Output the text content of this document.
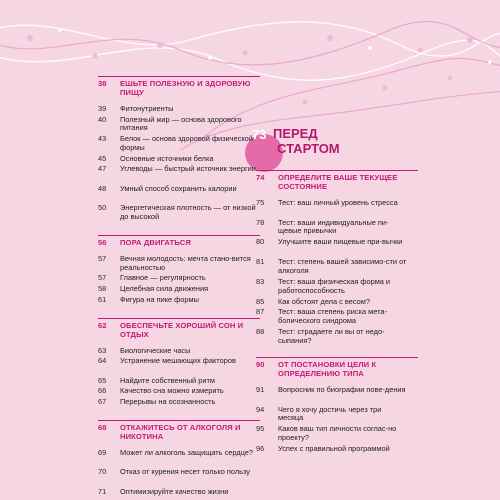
73 ПЕРЕД
СТАРТОМ
38	ЕШЬТЕ ПОЛЕЗНУЮ И ЗДОРОВУЮ ПИЩУ
39	Фитонутриенты
40	Полезный жир — основа здорового питания
43	Белок — основа здоровой физической формы
45	Основные источники белка
47	Углеводы — быстрый источник энергии
48	Умный способ сохранить калории
50	Энергетическая плотность — от низкой до высокой
56	ПОРА ДВИГАТЬСЯ
57	Вечная молодость: мечта стано-вится реальностью
57	Главное — регулярность
58	Целебная сила движения
61	Фигура на пике формы
62	ОБЕСПЕЧЬТЕ ХОРОШИЙ СОН И ОТДЫХ
63	Биологические часы
64	Устранение мешающих факторов
65	Найдите собственный ритм
66	Качество сна можно измерить
67	Перерывы на осознанность
68	ОТКАЖИТЕСЬ ОТ АЛКОГОЛЯ И НИКОТИНА
69	Может ли алкоголь защищать сердце?
70	Отказ от курения несет только пользу
71	Оптимизируйте качество жизни
74	ОПРЕДЕЛИТЕ ВАШЕ ТЕКУЩЕЕ СОСТОЯНИЕ
75	Тест: ваш личный уровень стресса
78	Тест: ваши индивидуальные пи-щевые привычки
80	Улучшите ваши пищевые при-вычки
81	Тест: степень вашей зависимо-сти от алкоголя
83	Тест: ваша физическая форма и работоспособность
85	Как обстоят дела с весом?
87	Тест: ваша степень риска мета-болического синдрома
88	Тест: страдаете ли вы от недо-сыпания?
90	ОТ ПОСТАНОВКИ ЦЕЛИ К ОПРЕДЕЛЕНИЮ ТИПА
91	Вопросник по биографии пове-дения
94	Чего я хочу достичь через три месяца
95	Каков ваш тип личности соглас-но проекту?
96	Успех с правильной программой
